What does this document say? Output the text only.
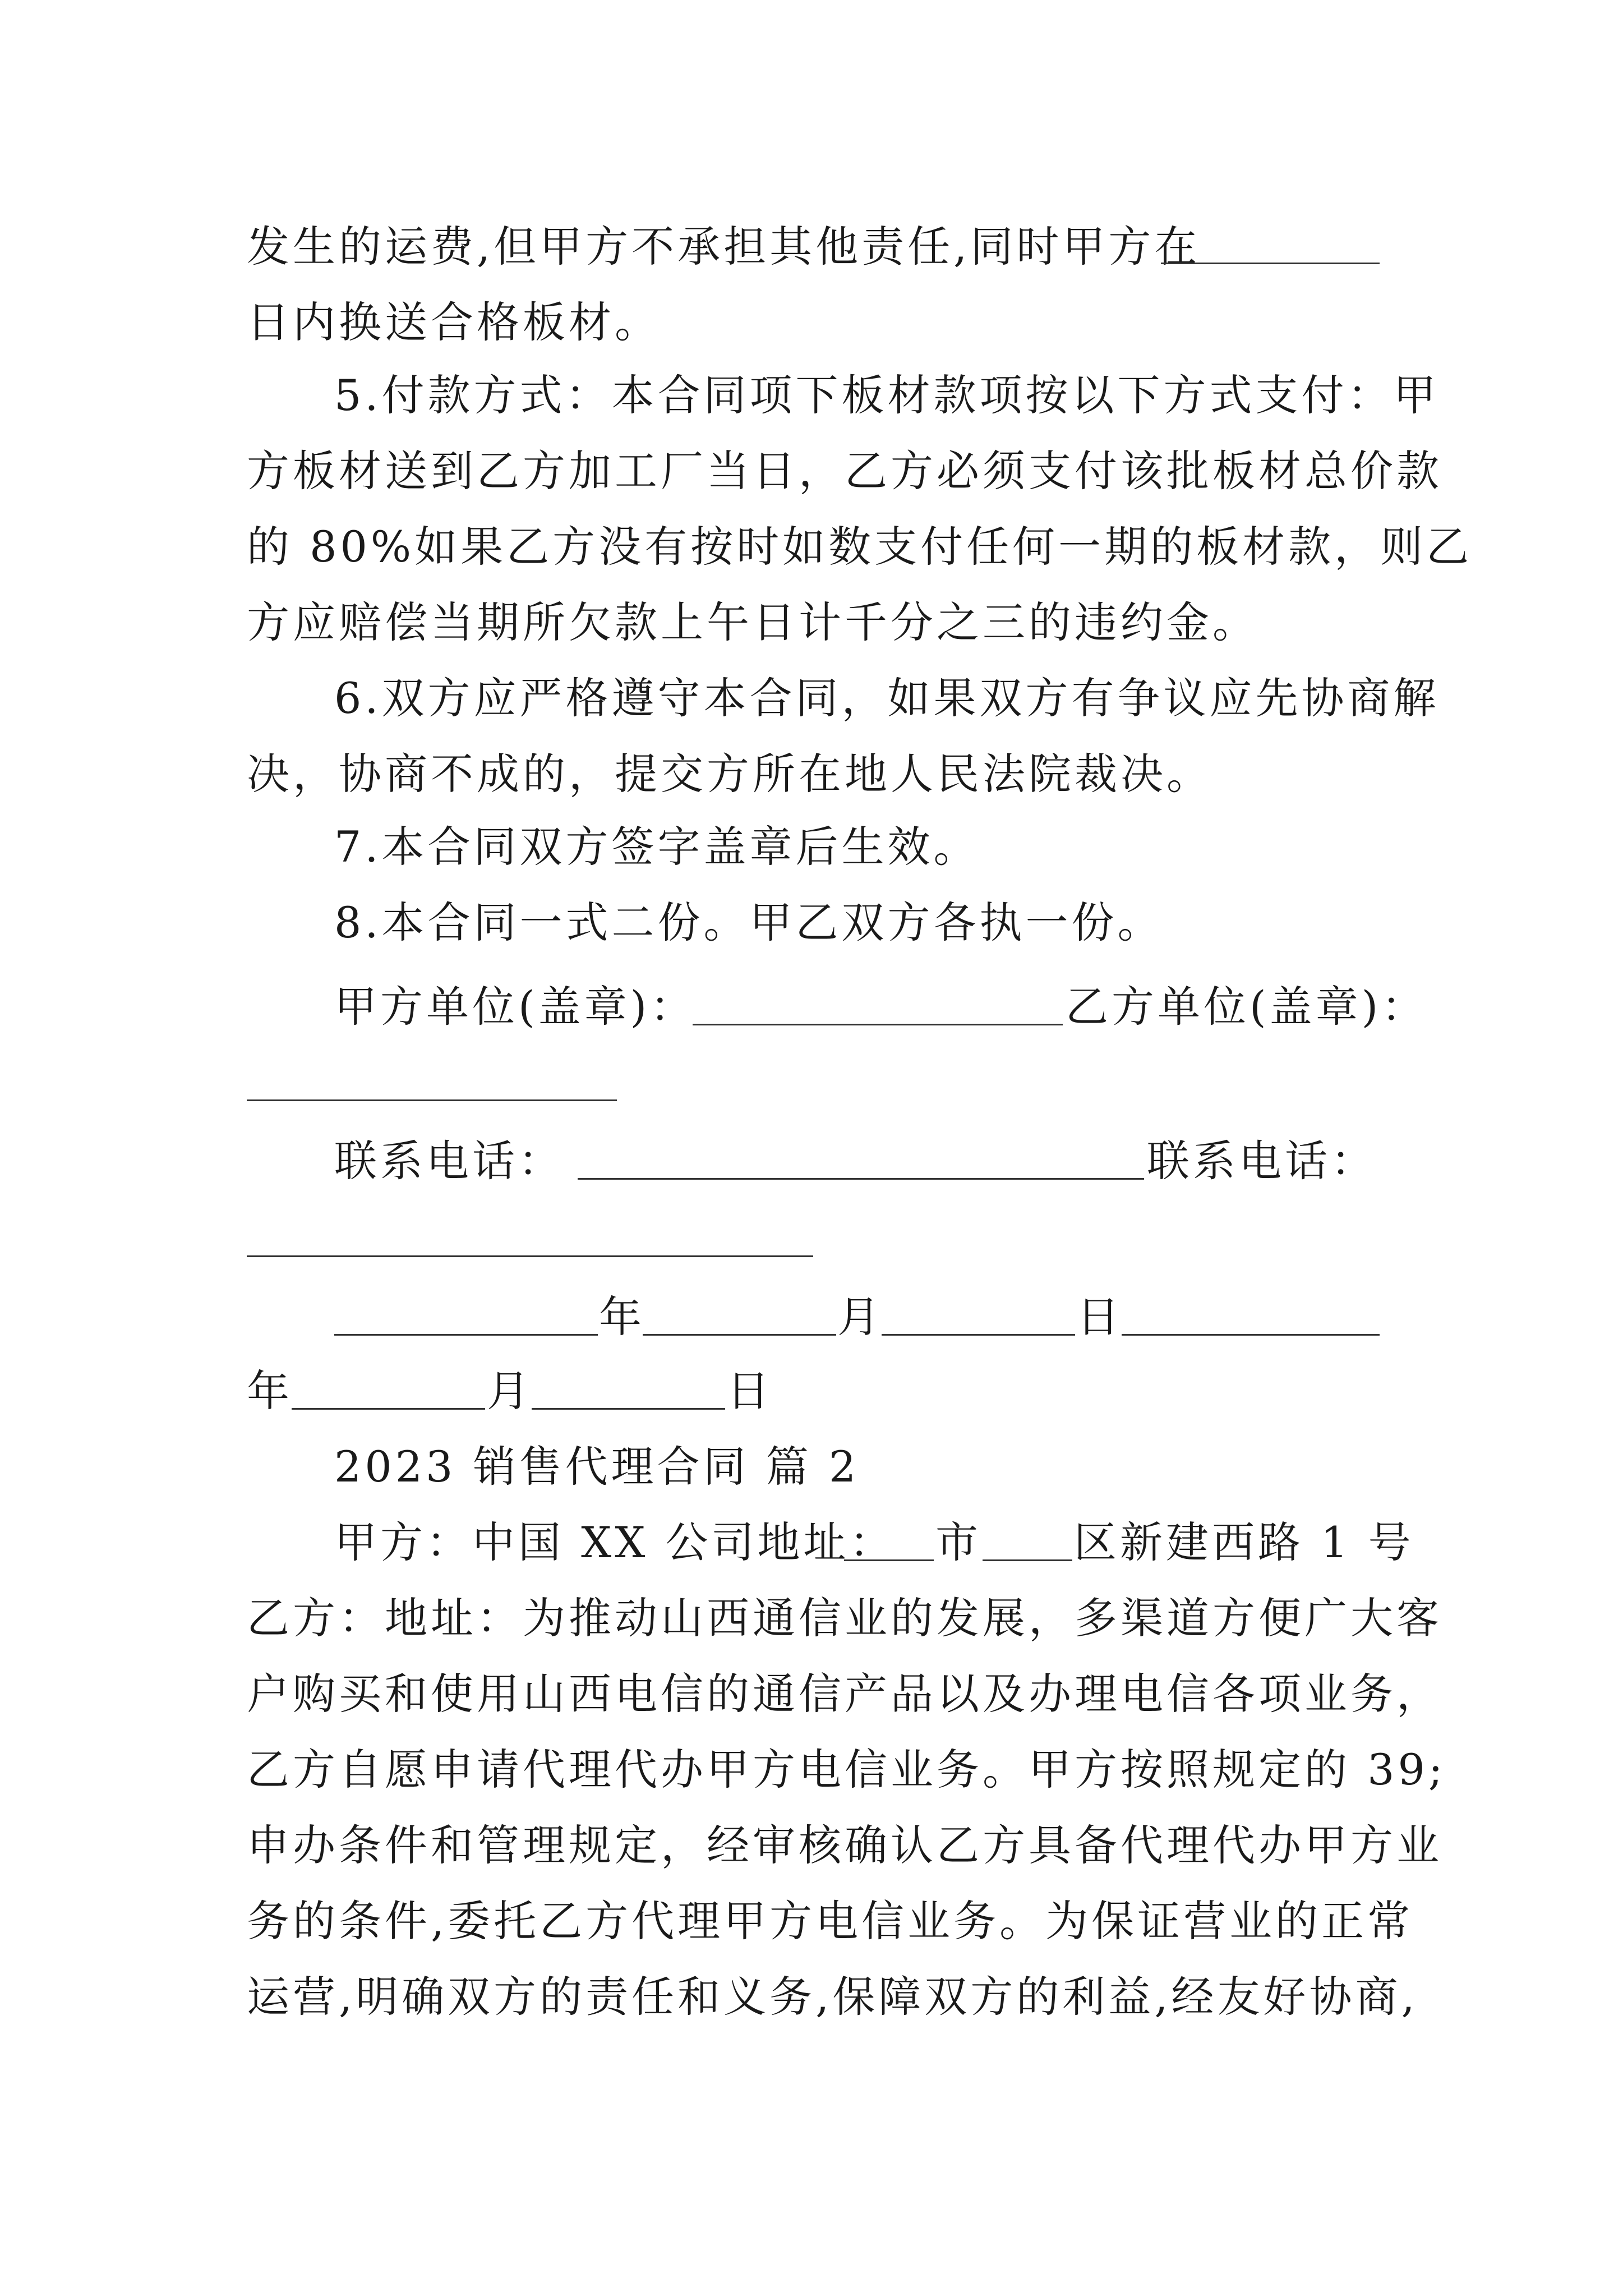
发生的运费,但甲方不承担其他责任,同时甲方在
日内换送合格板材。
5.付款方式：本合同项下板材款项按以下方式支付：甲
方板材送到乙方加工厂当日，乙方必须支付该批板材总价款
的 80%如果乙方没有按时如数支付任何一期的板材款，则乙
方应赔偿当期所欠款上午日计千分之三的违约金。
6.双方应严格遵守本合同，如果双方有争议应先协商解
决，协商不成的，提交方所在地人民法院裁决。
7.本合同双方签字盖章后生效。
8.本合同一式二份。甲乙双方各执一份。
甲方单位(盖章)：	乙方单位(盖章)：
联系电话：	联系电话：
年	月	日
年	月	日
2023 销售代理合同 篇 2
甲方：中国 XX 公司地址： 市 区新建西路 1 号
乙方：地址：为推动山西通信业的发展，多渠道方便广大客
户购买和使用山西电信的通信产品以及办理电信各项业务，
乙方自愿申请代理代办甲方电信业务。甲方按照规定的 39;
申办条件和管理规定，经审核确认乙方具备代理代办甲方业
务的条件,委托乙方代理甲方电信业务。为保证营业的正常
运营,明确双方的责任和义务,保障双方的利益,经友好协商,
